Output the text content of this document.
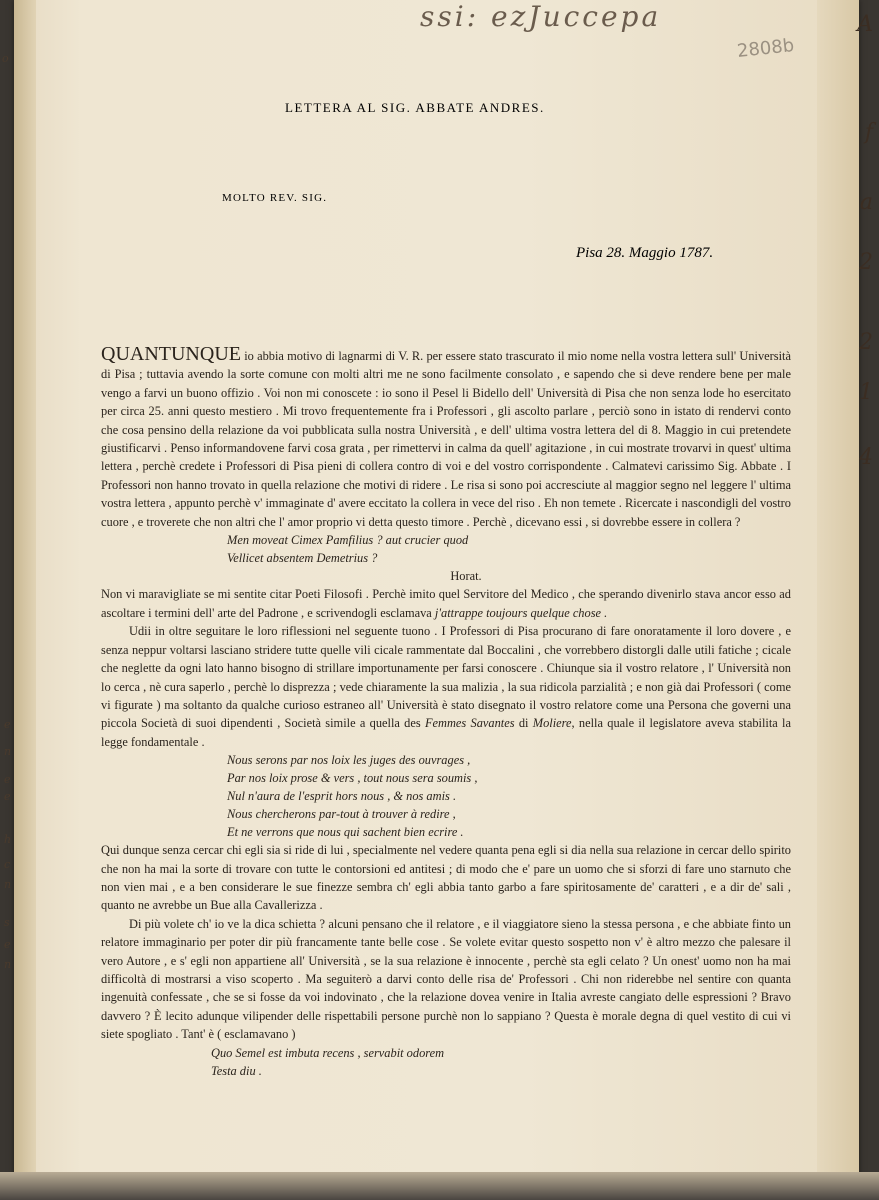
ssi: ezJuccepa
2808b
o
e
n
e
e
h
c
n
s
e
n
A
f
a
2
2
1
4
LETTERA AL SIG. ABBATE ANDRES.
MOLTO REV. SIG.
Pisa 28. Maggio 1787.

QUANTUNQUE io abbia motivo di lagnarmi di V. R. per essere stato trascurato il mio nome nella vostra lettera sull' Università di Pisa ; tuttavia avendo la sorte comune con molti altri me ne sono facilmente consolato , e sapendo che si deve rendere bene per male vengo a farvi un buono offizio . Voi non mi conoscete : io sono il Pesel li Bidello dell' Università di Pisa che non senza lode ho esercitato per circa 25. anni questo mestiero . Mi trovo frequentemente fra i Professori , gli ascolto parlare , perciò sono in istato di rendervi conto che cosa pensino della relazione da voi pubblicata sulla nostra Università , e dell' ultima vostra lettera del di 8. Maggio in cui pretendete giustificarvi . Penso informandovene farvi cosa grata , per rimettervi in calma da quell' agitazione , in cui mostrate trovarvi in quest' ultima lettera , perchè credete i Professori di Pisa pieni di collera contro di voi e del vostro corrispondente . Calmatevi carissimo Sig. Abbate . I Professori non hanno trovato in quella relazione che motivi di ridere . Le risa si sono poi accresciute al maggior segno nel leggere l' ultima vostra lettera , appunto perchè v' immaginate d' avere eccitato la collera in vece del riso . Eh non temete . Ricercate i nascondigli del vostro cuore , e troverete che non altri che l' amor proprio vi detta questo timore . Perchè , dicevano essi , si dovrebbe essere in collera ?

Men moveat Cimex Pamfilius ? aut crucier quod
Vellicet absentem Demetrius ?
Horat.

Non vi maravigliate se mi sentite citar Poeti Filosofi . Perchè imito quel Servitore del Medico , che sperando divenirlo stava ancor esso ad ascoltare i termini dell' arte del Padrone , e scrivendogli esclamava j'attrappe toujours quelque chose .

Udii in oltre seguitare le loro riflessioni nel seguente tuono . I Professori di Pisa procurano di fare onoratamente il loro dovere , e senza neppur voltarsi lasciano stridere tutte quelle vili cicale rammentate dal Boccalini , che vorrebbero distorgli dalle utili fatiche ; cicale che neglette da ogni lato hanno bisogno di strillare importunamente per farsi conoscere . Chiunque sia il vostro relatore , l' Università non lo cerca , nè cura saperlo , perchè lo disprezza ; vede chiaramente la sua malizia , la sua ridicola parzialità ; e non già dai Professori ( come vi figurate ) ma soltanto da qualche curioso estraneo all' Università è stato disegnato il vostro relatore come una Persona che governi una piccola Società di suoi dipendenti , Società simile a quella des Femmes Savantes di Moliere, nella quale il legislatore aveva stabilita la legge fondamentale .

Nous serons par nos loix les juges des ouvrages ,
Par nos loix prose & vers , tout nous sera soumis ,
Nul n'aura de l'esprit hors nous , & nos amis .
Nous chercherons par-tout à trouver à redire ,
Et ne verrons que nous qui sachent bien ecrire .

Qui dunque senza cercar chi egli sia si ride di lui , specialmente nel vedere quanta pena egli si dia nella sua relazione in cercar dello spirito che non ha mai la sorte di trovare con tutte le contorsioni ed antitesi ; di modo che e' pare un uomo che si sforzi di fare uno starnuto che non vien mai , e a ben considerare le sue finezze sembra ch' egli abbia tanto garbo a fare spiritosamente de' caratteri , e a dir de' sali , quanto ne avrebbe un Bue alla Cavallerizza .

Di più volete ch' io ve la dica schietta ? alcuni pensano che il relatore , e il viaggiatore sieno la stessa persona , e che abbiate finto un relatore immaginario per poter dir più francamente tante belle cose . Se volete evitar questo sospetto non v' è altro mezzo che palesare il vero Autore , e s' egli non appartiene all' Università , se la sua relazione è innocente , perchè sta egli celato ? Un onest' uomo non ha mai difficoltà di mostrarsi a viso scoperto . Ma seguiterò a darvi conto delle risa de' Professori . Chi non riderebbe nel sentire con quanta ingenuità confessate , che se si fosse da voi indovinato , che la relazione dovea venire in Italia avreste cangiato delle espressioni ? Bravo davvero ? È lecito adunque vilipender delle rispettabili persone purchè non lo sappiano ? Questa è morale degna di quel vestito di cui vi siete spogliato . Tant' è ( esclamavano )

Quo Semel est imbuta recens , servabit odorem
Testa diu .
